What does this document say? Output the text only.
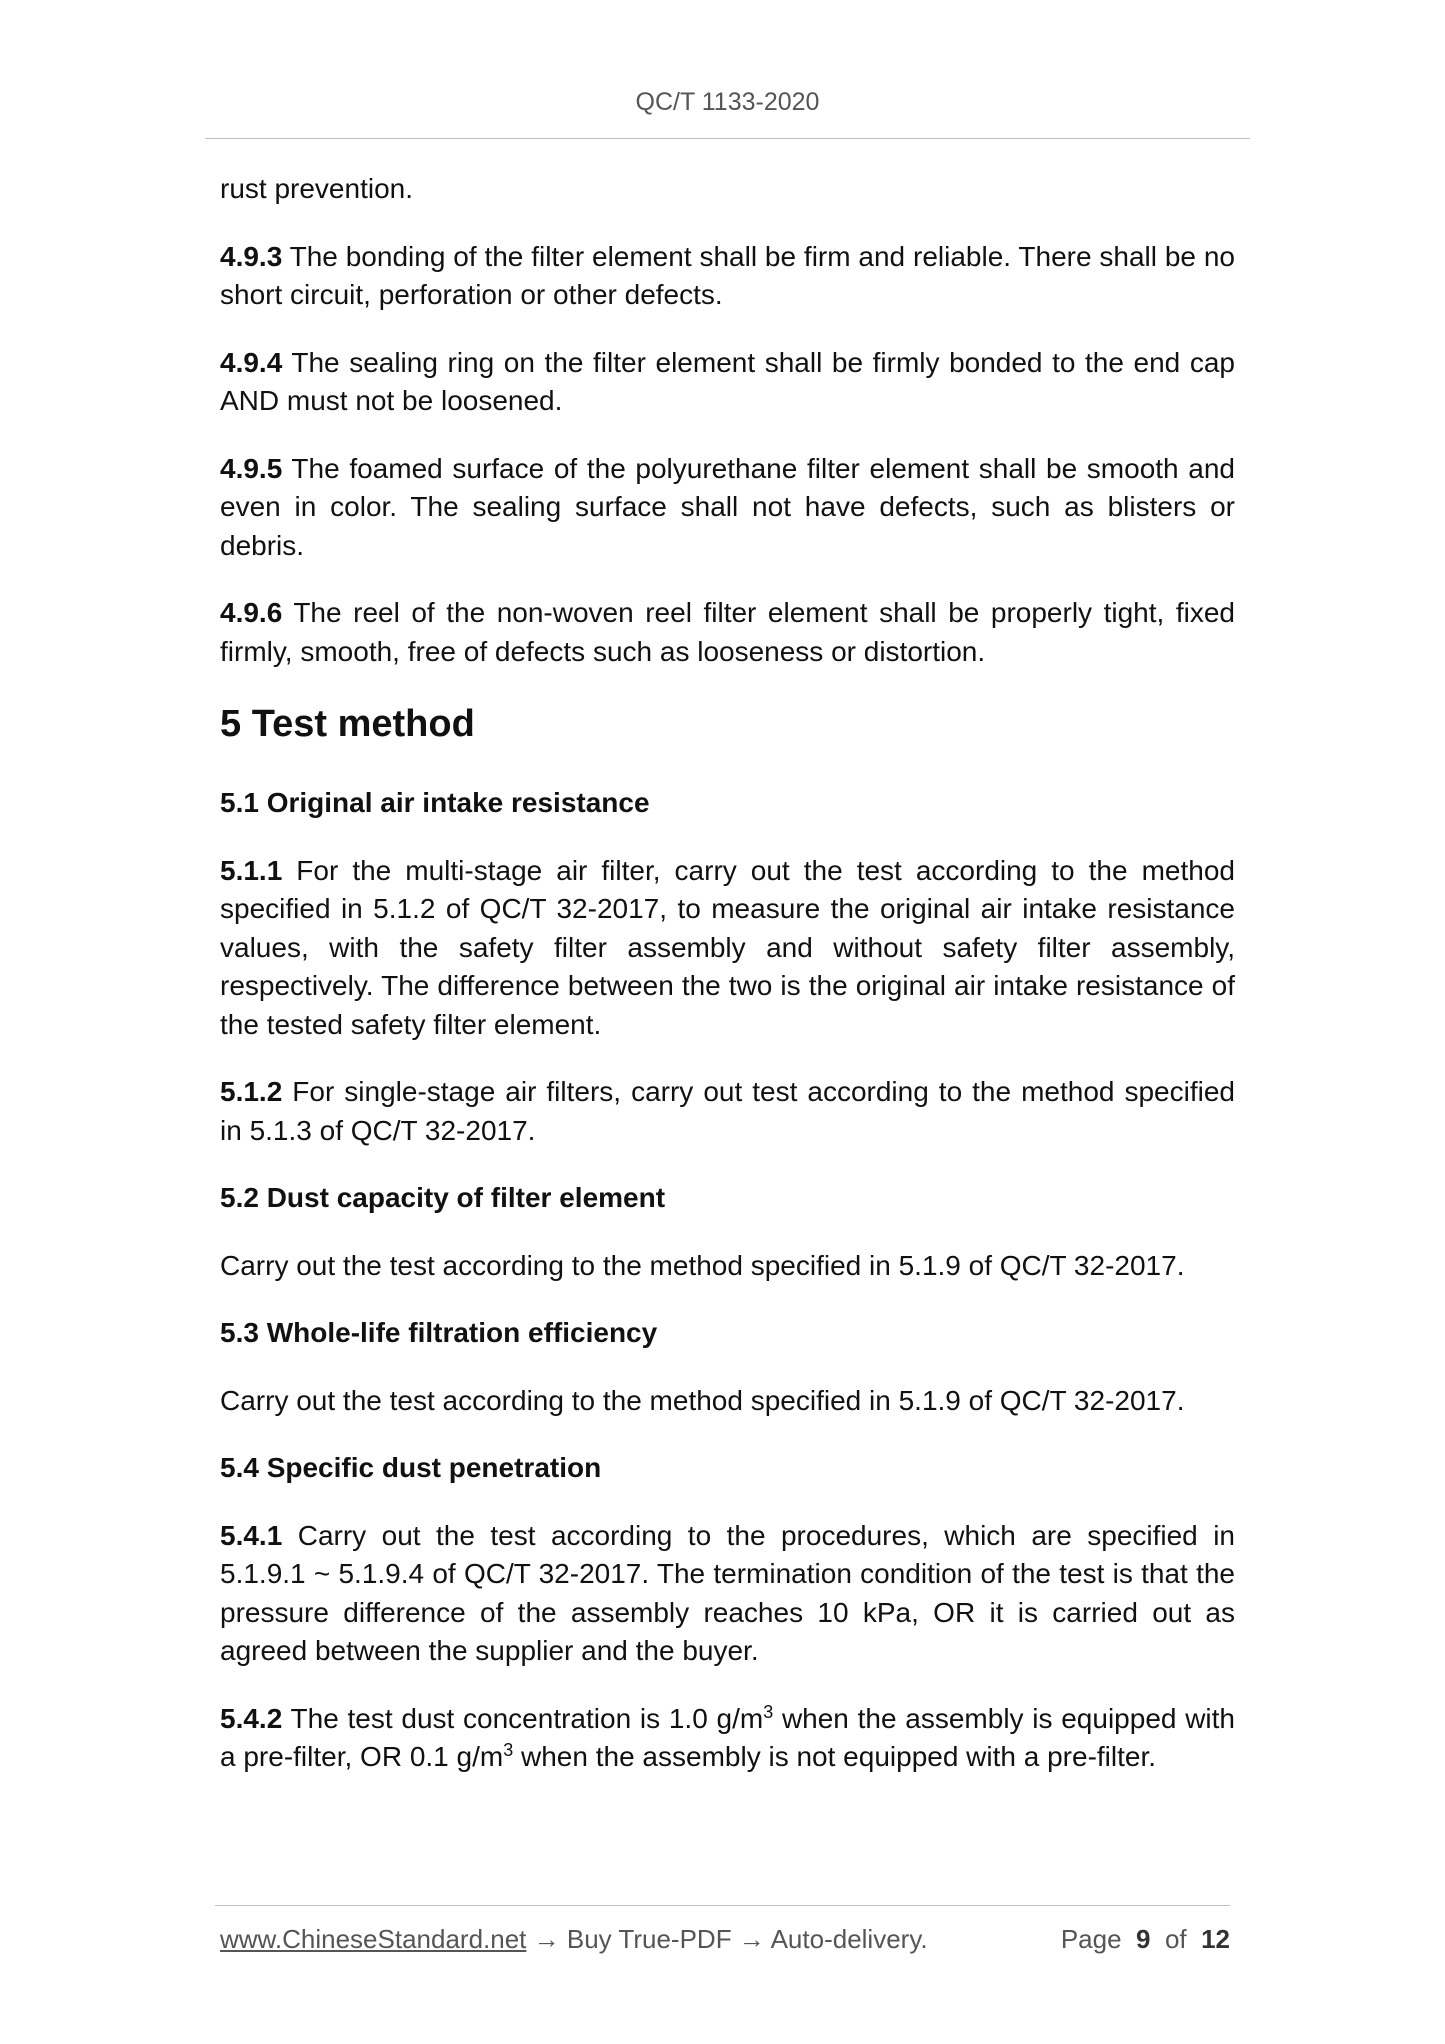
QC/T 1133-2020

rust prevention.

4.9.3 The bonding of the filter element shall be firm and reliable. There shall be no short circuit, perforation or other defects.

4.9.4 The sealing ring on the filter element shall be firmly bonded to the end cap AND must not be loosened.

4.9.5 The foamed surface of the polyurethane filter element shall be smooth and even in color. The sealing surface shall not have defects, such as blisters or debris.

4.9.6 The reel of the non-woven reel filter element shall be properly tight, fixed firmly, smooth, free of defects such as looseness or distortion.

5 Test method
5.1 Original air intake resistance

5.1.1 For the multi-stage air filter, carry out the test according to the method specified in 5.1.2 of QC/T 32-2017, to measure the original air intake resistance values, with the safety filter assembly and without safety filter assembly, respectively. The difference between the two is the original air intake resistance of the tested safety filter element.

5.1.2 For single-stage air filters, carry out test according to the method specified in 5.1.3 of QC/T 32-2017.

5.2 Dust capacity of filter element

Carry out the test according to the method specified in 5.1.9 of QC/T 32-2017.

5.3 Whole-life filtration efficiency

Carry out the test according to the method specified in 5.1.9 of QC/T 32-2017.

5.4 Specific dust penetration

5.4.1 Carry out the test according to the procedures, which are specified in 5.1.9.1 ~ 5.1.9.4 of QC/T 32-2017. The termination condition of the test is that the pressure difference of the assembly reaches 10 kPa, OR it is carried out as agreed between the supplier and the buyer.

5.4.2 The test dust concentration is 1.0 $g/m^3$ when the assembly is equipped with a pre-filter, OR 0.1 $g/m^3$ when the assembly is not equipped with a pre-filter.

www.ChineseStandard.net → Buy True-PDF → Auto-delivery.	Page 9 of 12
